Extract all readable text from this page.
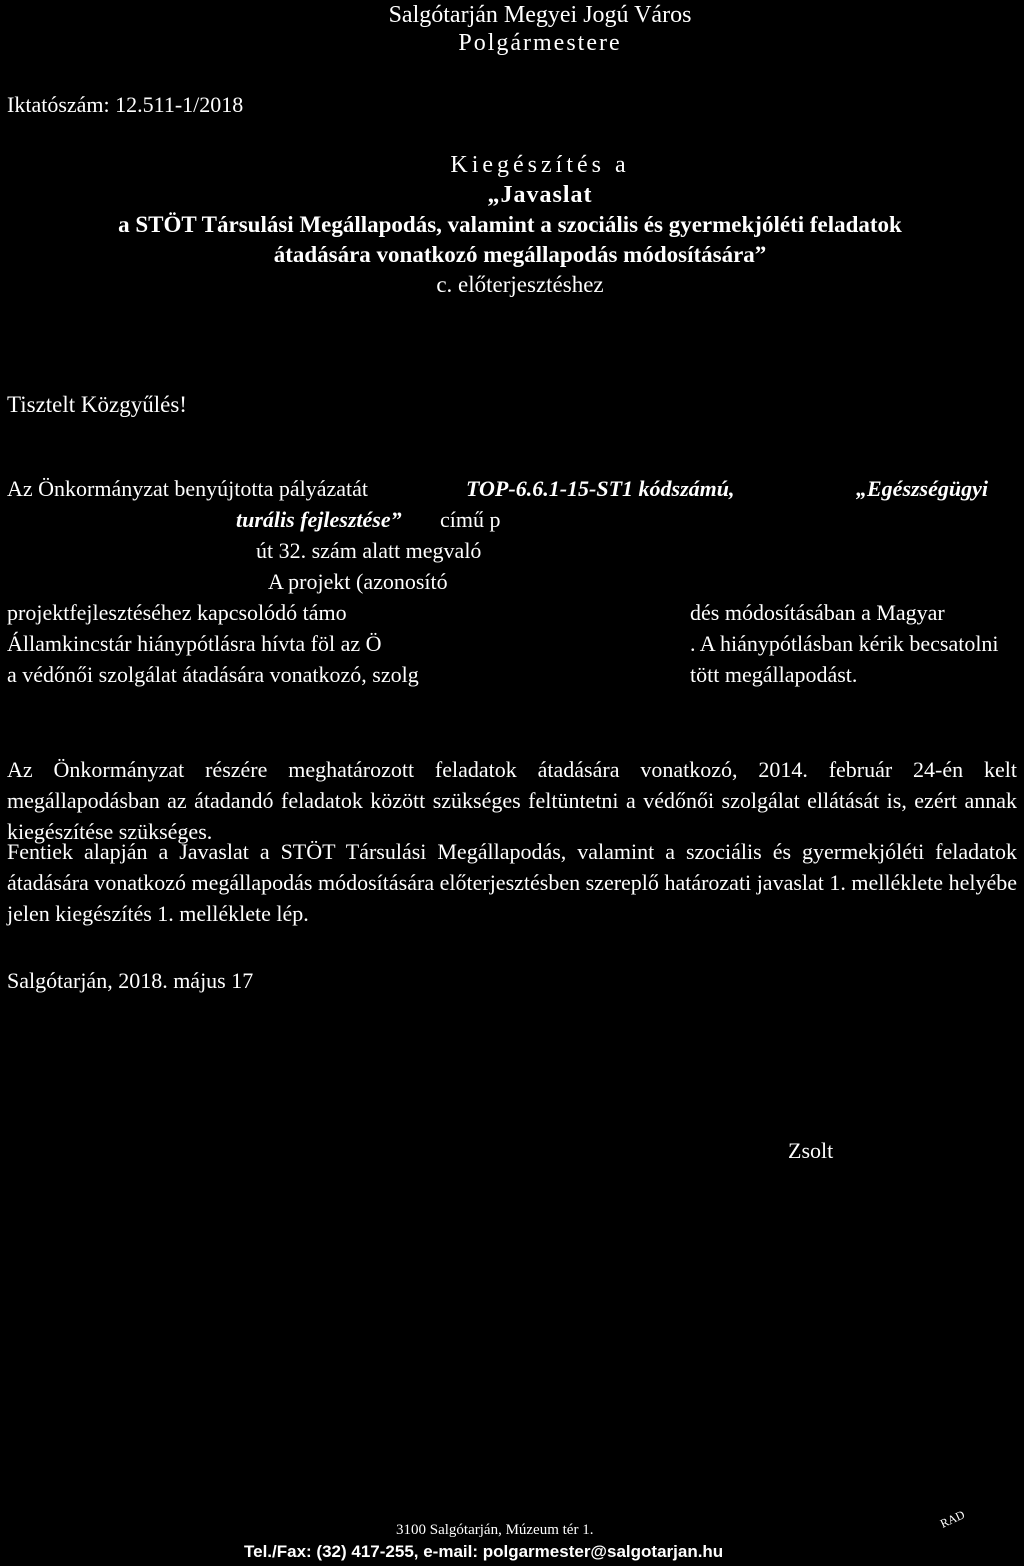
Salgótarján Megyei Jogú Város
Polgármestere
Iktatószám: 12.511-1/2018
Kiegészítés a
„Javaslat
a STÖT Társulási Megállapodás, valamint a szociális és gyermekjóléti feladatok
átadására vonatkozó megállapodás módosítására”
c. előterjesztéshez
Tisztelt Közgyűlés!
Az Önkormányzat benyújtotta pályázatát	TOP-6.6.1-15-ST1 kódszámú,	„Egészségügyi
turális fejlesztése” című p
út 32. szám alatt megvaló
A projekt (azonosító
projektfejlesztéséhez kapcsolódó támo	dés módosításában a Magyar
Államkincstár hiánypótlásra hívta föl az Ö	. A hiánypótlásban kérik becsatolni
a védőnői szolgálat átadására vonatkozó, szolg	tött megállapodást.
Az Önkormányzat részére meghatározott feladatok átadására vonatkozó, 2014. február 24-én kelt megállapodásban az átadandó feladatok között szükséges feltüntetni a védőnői szolgálat ellátását is, ezért annak kiegészítése szükséges.
Fentiek alapján a Javaslat a STÖT Társulási Megállapodás, valamint a szociális és gyermekjóléti feladatok átadására vonatkozó megállapodás módosítására előterjesztésben szereplő határozati javaslat 1. melléklete helyébe jelen kiegészítés 1. melléklete lép.
Salgótarján, 2018. május 17
Zsolt
3100 Salgótarján, Múzeum tér 1.
Tel./Fax: (32) 417-255, e-mail: polgarmester@salgotarjan.hu
RAD
